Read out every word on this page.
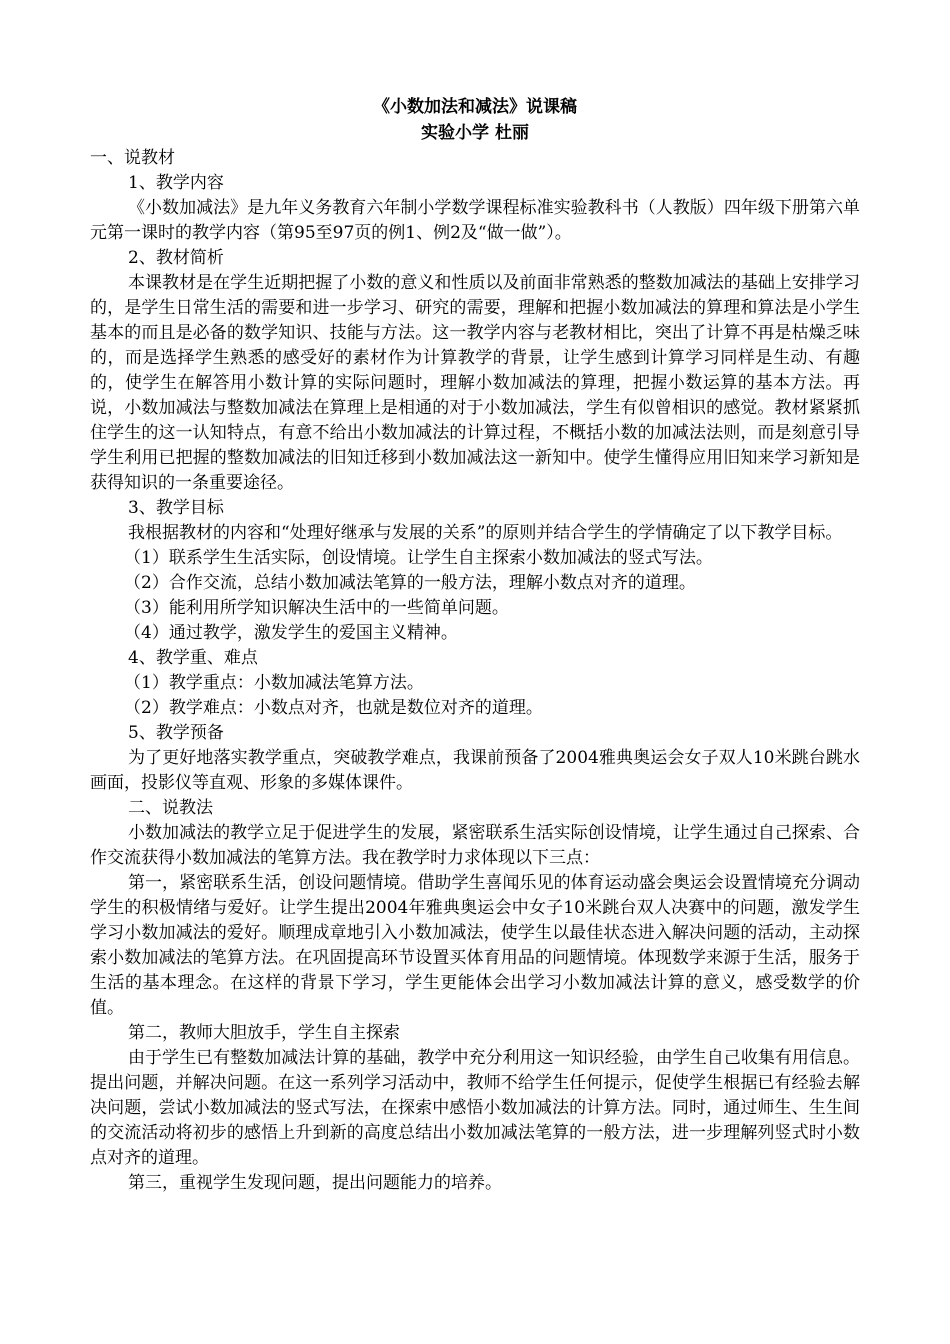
《小数加法和减法》说课稿
实验小学 杜丽

一、说教材

1、教学内容

《小数加减法》是九年义务教育六年制小学数学课程标准实验教科书（人教版）四年级下册第六单元第一课时的教学内容（第95至97页的例1、例2及“做一做”）。

2、教材简析

本课教材是在学生近期把握了小数的意义和性质以及前面非常熟悉的整数加减法的基础上安排学习的，是学生日常生活的需要和进一步学习、研究的需要，理解和把握小数加减法的算理和算法是小学生基本的而且是必备的数学知识、技能与方法。这一教学内容与老教材相比，突出了计算不再是枯燥乏味的，而是选择学生熟悉的感受好的素材作为计算教学的背景，让学生感到计算学习同样是生动、有趣的，使学生在解答用小数计算的实际问题时，理解小数加减法的算理，把握小数运算的基本方法。再说，小数加减法与整数加减法在算理上是相通的对于小数加减法，学生有似曾相识的感觉。教材紧紧抓住学生的这一认知特点，有意不给出小数加减法的计算过程，不概括小数的加减法法则，而是刻意引导学生利用已把握的整数加减法的旧知迁移到小数加减法这一新知中。使学生懂得应用旧知来学习新知是获得知识的一条重要途径。

3、教学目标

我根据教材的内容和“处理好继承与发展的关系”的原则并结合学生的学情确定了以下教学目标。

（1）联系学生生活实际，创设情境。让学生自主探索小数加减法的竖式写法。

（2）合作交流，总结小数加减法笔算的一般方法，理解小数点对齐的道理。

（3）能利用所学知识解决生活中的一些简单问题。

（4）通过教学，激发学生的爱国主义精神。

4、教学重、难点

（1）教学重点：小数加减法笔算方法。

（2）教学难点：小数点对齐，也就是数位对齐的道理。

5、教学预备

为了更好地落实教学重点，突破教学难点，我课前预备了2004雅典奥运会女子双人10米跳台跳水画面，投影仪等直观、形象的多媒体课件。

二、说教法

小数加减法的教学立足于促进学生的发展，紧密联系生活实际创设情境，让学生通过自己探索、合作交流获得小数加减法的笔算方法。我在教学时力求体现以下三点：

第一，紧密联系生活，创设问题情境。借助学生喜闻乐见的体育运动盛会奥运会设置情境充分调动学生的积极情绪与爱好。让学生提出2004年雅典奥运会中女子10米跳台双人决赛中的问题，激发学生学习小数加减法的爱好。顺理成章地引入小数加减法，使学生以最佳状态进入解决问题的活动，主动探索小数加减法的笔算方法。在巩固提高环节设置买体育用品的问题情境。体现数学来源于生活，服务于生活的基本理念。在这样的背景下学习，学生更能体会出学习小数加减法计算的意义，感受数学的价值。

第二，教师大胆放手，学生自主探索

由于学生已有整数加减法计算的基础，教学中充分利用这一知识经验，由学生自己收集有用信息。提出问题，并解决问题。在这一系列学习活动中，教师不给学生任何提示，促使学生根据已有经验去解决问题，尝试小数加减法的竖式写法，在探索中感悟小数加减法的计算方法。同时，通过师生、生生间的交流活动将初步的感悟上升到新的高度总结出小数加减法笔算的一般方法，进一步理解列竖式时小数点对齐的道理。

第三，重视学生发现问题，提出问题能力的培养。
